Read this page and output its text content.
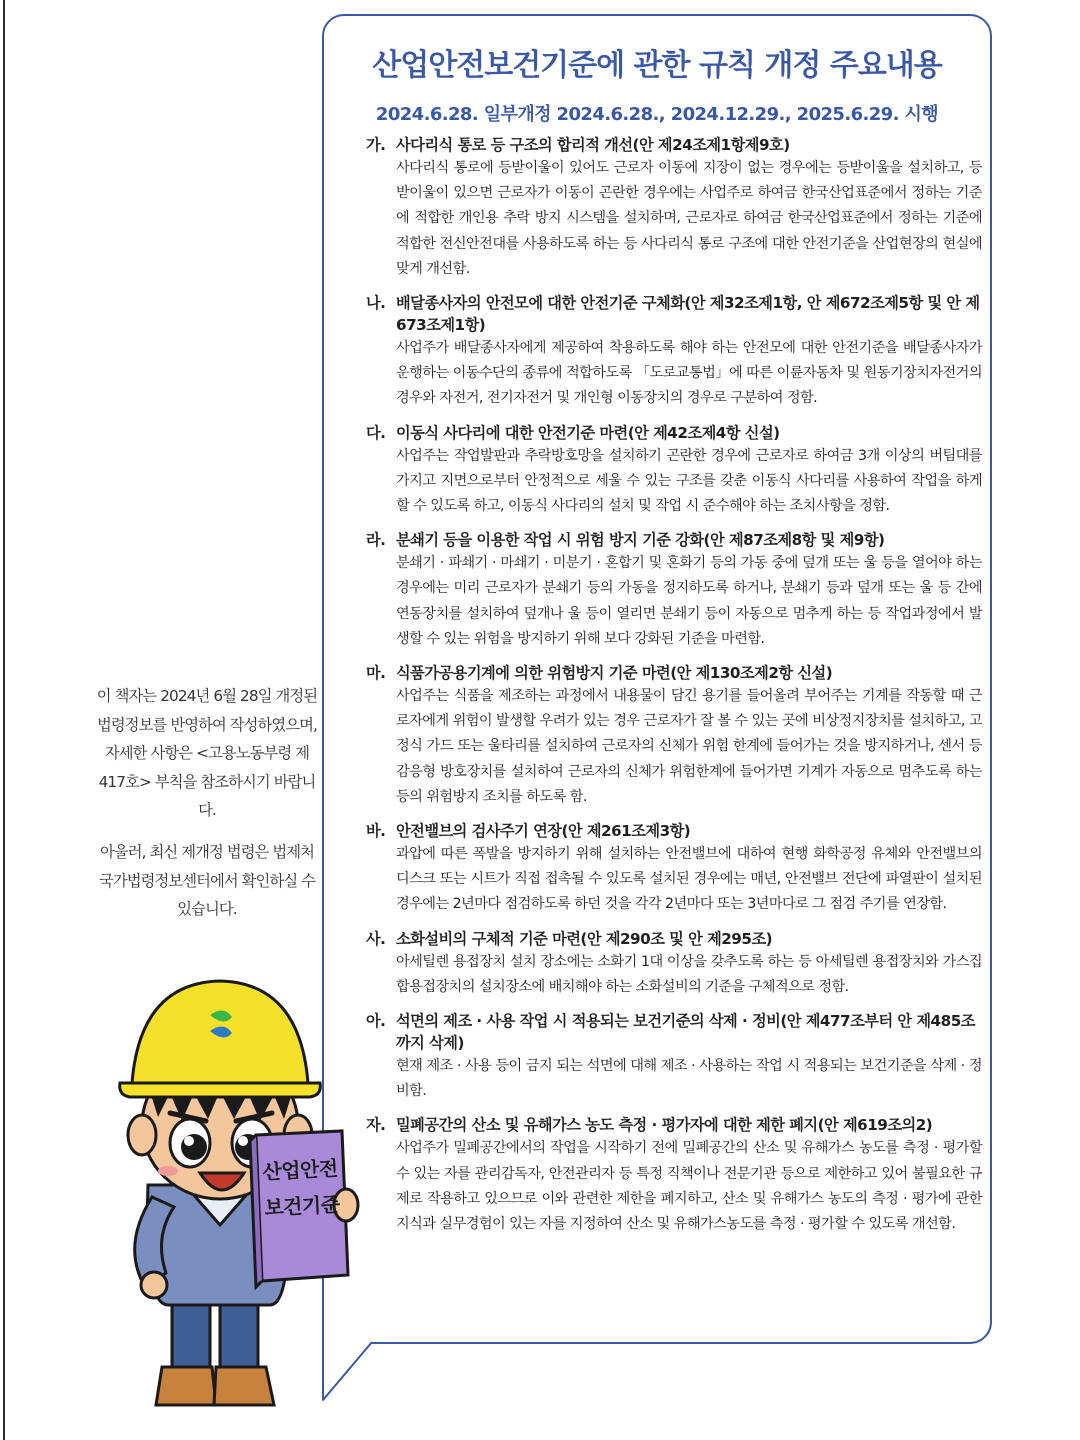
산업안전보건기준에 관한 규칙 개정 주요내용
2024.6.28. 일부개정 2024.6.28., 2024.12.29., 2025.6.29. 시행
가. 사다리식 통로 등 구조의 합리적 개선(안 제24조제1항제9호)
사다리식 통로에 등받이울이 있어도 근로자 이동에 지장이 없는 경우에는 등받이울을 설치하고, 등받이울이 있으면 근로자가 이동이 곤란한 경우에는 사업주로 하여금 한국산업표준에서 정하는 기준에 적합한 개인용 추락 방지 시스템을 설치하며, 근로자로 하여금 한국산업표준에서 정하는 기준에 적합한 전신안전대를 사용하도록 하는 등 사다리식 통로 구조에 대한 안전기준을 산업현장의 현실에 맞게 개선함.
나. 배달종사자의 안전모에 대한 안전기준 구체화(안 제32조제1항, 안 제672조제5항 및 안 제673조제1항)
사업주가 배달종사자에게 제공하여 착용하도록 해야 하는 안전모에 대한 안전기준을 배달종사자가 운행하는 이동수단의 종류에 적합하도록 「도로교통법」에 따른 이륜자동차 및 원동기장치자전거의 경우와 자전거, 전기자전거 및 개인형 이동장치의 경우로 구분하여 정함.
다. 이동식 사다리에 대한 안전기준 마련(안 제42조제4항 신설)
사업주는 작업발판과 추락방호망을 설치하기 곤란한 경우에 근로자로 하여금 3개 이상의 버팀대를 가지고 지면으로부터 안정적으로 세울 수 있는 구조를 갖춘 이동식 사다리를 사용하여 작업을 하게 할 수 있도록 하고, 이동식 사다리의 설치 및 작업 시 준수해야 하는 조치사항을 정함.
라. 분쇄기 등을 이용한 작업 시 위험 방지 기준 강화(안 제87조제8항 및 제9항)
분쇄기 · 파쇄기 · 마쇄기 · 미분기 · 혼합기 및 혼화기 등의 가동 중에 덮개 또는 울 등을 열어야 하는 경우에는 미리 근로자가 분쇄기 등의 가동을 정지하도록 하거나, 분쇄기 등과 덮개 또는 울 등 간에 연동장치를 설치하여 덮개나 울 등이 열리면 분쇄기 등이 자동으로 멈추게 하는 등 작업과정에서 발생할 수 있는 위험을 방지하기 위해 보다 강화된 기준을 마련함.
마. 식품가공용기계에 의한 위험방지 기준 마련(안 제130조제2항 신설)
사업주는 식품을 제조하는 과정에서 내용물이 담긴 용기를 들어올려 부어주는 기계를 작동할 때 근로자에게 위험이 발생할 우려가 있는 경우 근로자가 잘 볼 수 있는 곳에 비상정지장치를 설치하고, 고정식 가드 또는 울타리를 설치하여 근로자의 신체가 위험 한계에 들어가는 것을 방지하거나, 센서 등 감응형 방호장치를 설치하여 근로자의 신체가 위험한계에 들어가면 기계가 자동으로 멈추도록 하는 등의 위험방지 조치를 하도록 함.
바. 안전밸브의 검사주기 연장(안 제261조제3항)
과압에 따른 폭발을 방지하기 위해 설치하는 안전밸브에 대하여 현행 화학공정 유체와 안전밸브의 디스크 또는 시트가 직접 접촉될 수 있도록 설치된 경우에는 매년, 안전밸브 전단에 파열판이 설치된 경우에는 2년마다 점검하도록 하던 것을 각각 2년마다 또는 3년마다로 그 점검 주기를 연장함.
사. 소화설비의 구체적 기준 마련(안 제290조 및 안 제295조)
아세틸렌 용접장치 설치 장소에는 소화기 1대 이상을 갖추도록 하는 등 아세틸렌 용접장치와 가스집합용접장치의 설치장소에 배치해야 하는 소화설비의 기준을 구체적으로 정함.
아. 석면의 제조 · 사용 작업 시 적용되는 보건기준의 삭제 · 정비(안 제477조부터 안 제485조까지 삭제)
현재 제조 · 사용 등이 금지 되는 석면에 대해 제조 · 사용하는 작업 시 적용되는 보건기준을 삭제 · 정비함.
자. 밀폐공간의 산소 및 유해가스 농도 측정 · 평가자에 대한 제한 폐지(안 제619조의2)
사업주가 밀폐공간에서의 작업을 시작하기 전에 밀폐공간의 산소 및 유해가스 농도를 측정 · 평가할 수 있는 자를 관리감독자, 안전관리자 등 특정 직책이나 전문기관 등으로 제한하고 있어 불필요한 규제로 작용하고 있으므로 이와 관련한 제한을 폐지하고, 산소 및 유해가스 농도의 측정 · 평가에 관한 지식과 실무경험이 있는 자를 지정하여 산소 및 유해가스농도를 측정 · 평가할 수 있도록 개선함.

이 책자는 2024년 6월 28일 개정된 법령정보를 반영하여 작성하였으며, 자세한 사항은 <고용노동부령 제417호> 부칙을 참조하시기 바랍니다.

아울러, 최신 제개정 법령은 법제처 국가법령정보센터에서 확인하실 수 있습니다.

산업안전
보건기준
